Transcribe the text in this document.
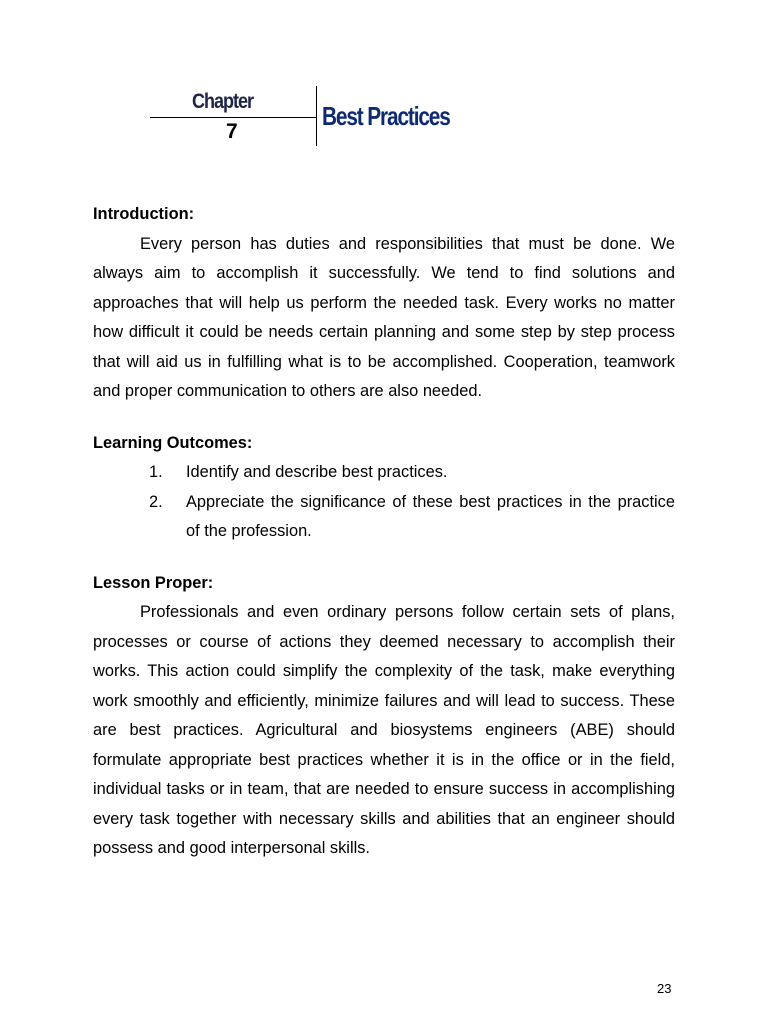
Chapter
7
Best Practices

Introduction:

Every person has duties and responsibilities that must be done. We always aim to accomplish it successfully. We tend to find solutions and approaches that will help us perform the needed task. Every works no matter how difficult it could be needs certain planning and some step by step process that will aid us in fulfilling what is to be accomplished. Cooperation, teamwork and proper communication to others are also needed.

Learning Outcomes:

1. Identify and describe best practices.
2. Appreciate the significance of these best practices in the practice of the profession.

Lesson Proper:

Professionals and even ordinary persons follow certain sets of plans, processes or course of actions they deemed necessary to accomplish their works. This action could simplify the complexity of the task, make everything work smoothly and efficiently, minimize failures and will lead to success. These are best practices. Agricultural and biosystems engineers (ABE) should formulate appropriate best practices whether it is in the office or in the field, individual tasks or in team, that are needed to ensure success in accomplishing every task together with necessary skills and abilities that an engineer should possess and good interpersonal skills.

23
